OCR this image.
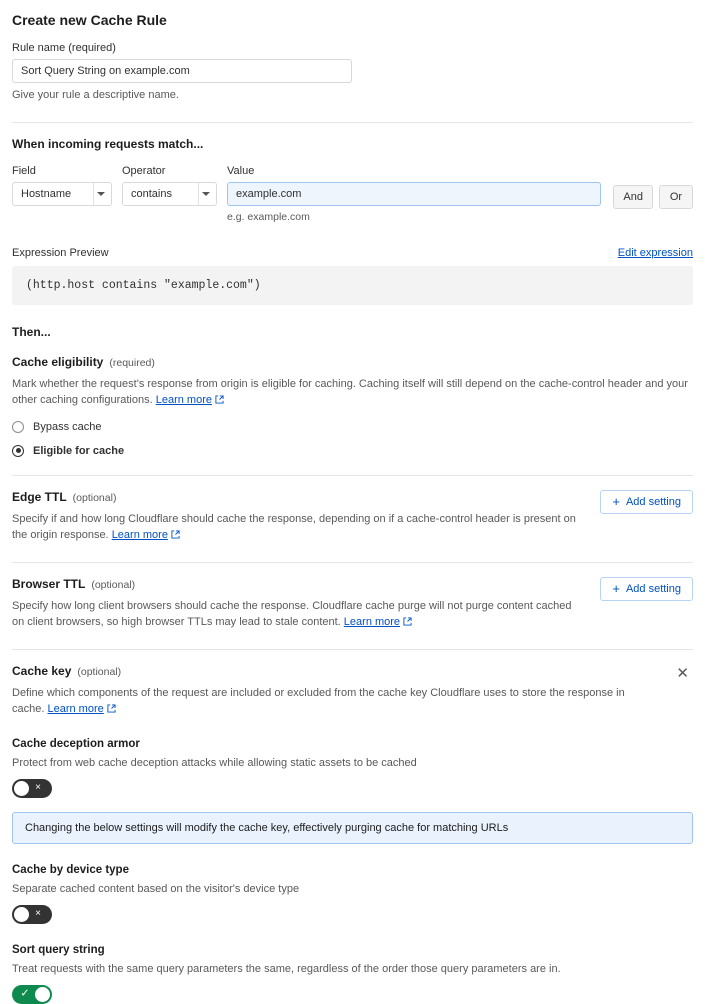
Create new Cache Rule
Rule name (required)
Sort Query String on example.com
Give your rule a descriptive name.
When incoming requests match...
Field
Hostname
Operator
contains
Value
example.com
e.g. example.com
And	Or
Expression Preview	Edit expression
(http.host contains "example.com")
Then...
Cache eligibility (required)
Mark whether the request's response from origin is eligible for caching. Caching itself will still depend on the cache-control header and your other caching configurations. Learn more
Bypass cache
Eligible for cache
Edge TTL (optional)
Specify if and how long Cloudflare should cache the response, depending on if a cache-control header is present on the origin response. Learn more
+ Add setting
Browser TTL (optional)
Specify how long client browsers should cache the response. Cloudflare cache purge will not purge content cached on client browsers, so high browser TTLs may lead to stale content. Learn more
+ Add setting
Cache key (optional)
Define which components of the request are included or excluded from the cache key Cloudflare uses to store the response in cache. Learn more
✕
Cache deception armor
Protect from web cache deception attacks while allowing static assets to be cached
×
Changing the below settings will modify the cache key, effectively purging cache for matching URLs
Cache by device type
Separate cached content based on the visitor's device type
×
Sort query string
Treat requests with the same query parameters the same, regardless of the order those query parameters are in.
✓
